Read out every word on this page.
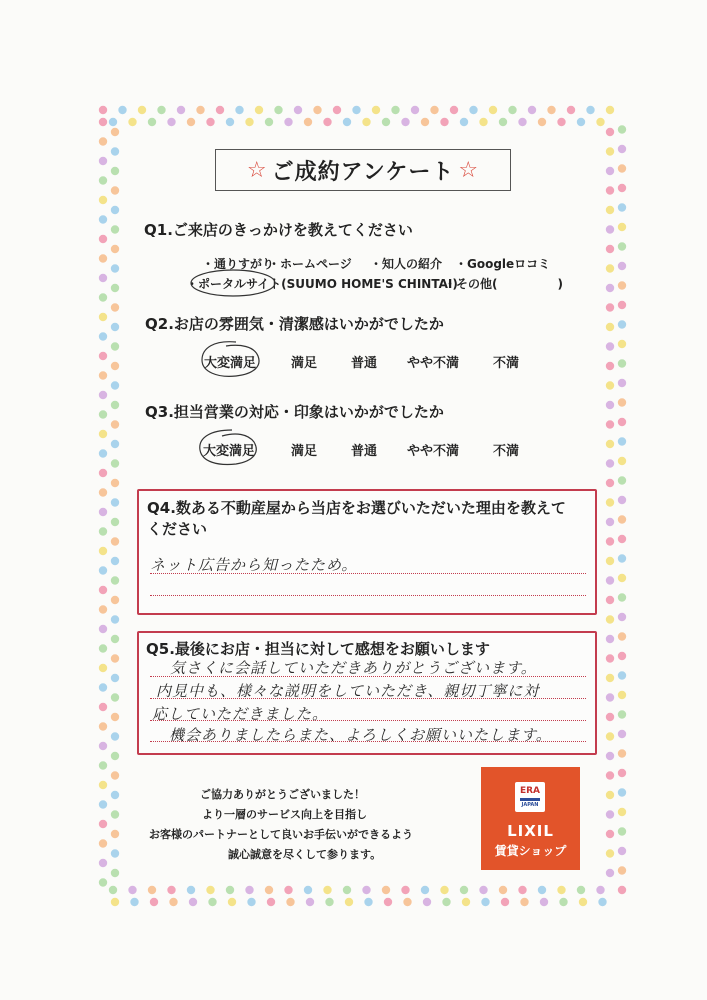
☆ ご成約アンケート ☆
Q1.ご来店のきっかけを教えてください
・通りすがり
・ホームページ ・知人の紹介 ・Googleロコミ
・ポータルサイト(SUUMO HOME'S CHINTAI)
・その他(　　　　　)
Q2.お店の雰囲気・清潔感はいかがでしたか
大変満足	満足	普通 やや不満	不満
Q3.担当営業の対応・印象はいかがでしたか
大変満足	満足	普通 やや不満	不満
Q4.数ある不動産屋から当店をお選びいただいた理由を教えて
ください
ネット広告から知ったため。
Q5.最後にお店・担当に対して感想をお願いします
気さくに会話していただきありがとうございます。
内見中も、様々な説明をしていただき、親切丁寧に対
応していただきました。
機会ありましたらまた、よろしくお願いいたします。
ご協力ありがとうございました！
より一層のサービス向上を目指し
お客様のパートナーとして良いお手伝いができるよう
誠心誠意を尽くして参ります。
ERA
JAPAN
LIXIL
賃貸ショップ
